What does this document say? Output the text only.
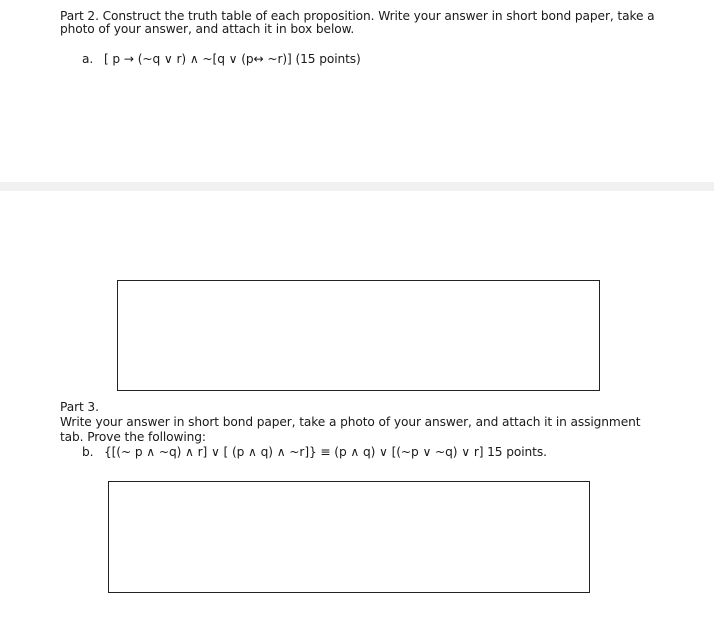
Part 2. Construct the truth table of each proposition. Write your answer in short bond paper, take a
photo of your answer, and attach it in box below.
a. [ p → (~q ∨ r) ∧ ~[q ∨ (p↔ ~r)] (15 points)
Part 3.
Write your answer in short bond paper, take a photo of your answer, and attach it in assignment
tab. Prove the following:
b. {[(~ p ∧ ~q) ∧ r] ∨ [ (p ∧ q) ∧ ~r]} ≡ (p ∧ q) ∨ [(~p ∨ ~q) ∨ r] 15 points.
